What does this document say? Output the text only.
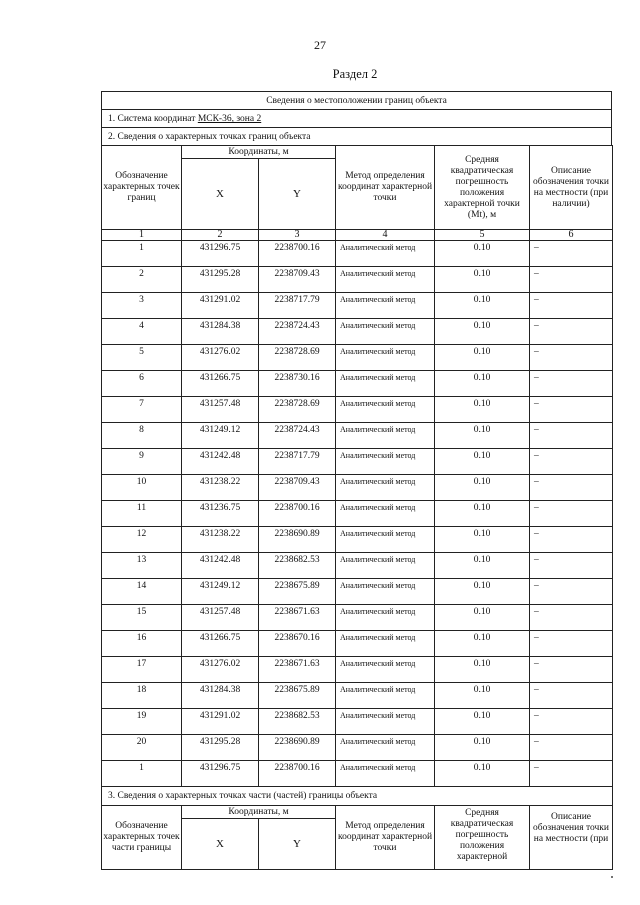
27
Раздел 2
Сведения о местоположении границ объекта
1. Система координат МСК-36, зона 2
2. Сведения о характерных точках границ объекта
Обозначение характерных точек границ	Координаты, м		Метод определения координат характерной точки	Средняя квадратическая погрешность положения характерной точки (Mt), м	Описание обозначения точки на местности (при наличии)
	X	Y			
1	2	3	4	5	6
1	431296.75	2238700.16	Аналитический метод	0.10	–
2	431295.28	2238709.43	Аналитический метод	0.10	–
3	431291.02	2238717.79	Аналитический метод	0.10	–
4	431284.38	2238724.43	Аналитический метод	0.10	–
5	431276.02	2238728.69	Аналитический метод	0.10	–
6	431266.75	2238730.16	Аналитический метод	0.10	–
7	431257.48	2238728.69	Аналитический метод	0.10	–
8	431249.12	2238724.43	Аналитический метод	0.10	–
9	431242.48	2238717.79	Аналитический метод	0.10	–
10	431238.22	2238709.43	Аналитический метод	0.10	–
11	431236.75	2238700.16	Аналитический метод	0.10	–
12	431238.22	2238690.89	Аналитический метод	0.10	–
13	431242.48	2238682.53	Аналитический метод	0.10	–
14	431249.12	2238675.89	Аналитический метод	0.10	–
15	431257.48	2238671.63	Аналитический метод	0.10	–
16	431266.75	2238670.16	Аналитический метод	0.10	–
17	431276.02	2238671.63	Аналитический метод	0.10	–
18	431284.38	2238675.89	Аналитический метод	0.10	–
19	431291.02	2238682.53	Аналитический метод	0.10	–
20	431295.28	2238690.89	Аналитический метод	0.10	–
1	431296.75	2238700.16	Аналитический метод	0.10	–
3. Сведения о характерных точках части (частей) границы объекта					
Обозначение характерных точек части границы	Координаты, м		Метод определения координат характерной точки	Средняя квадратическая погрешность положения характерной	Описание обозначения точки на местности (при
	X	Y			
